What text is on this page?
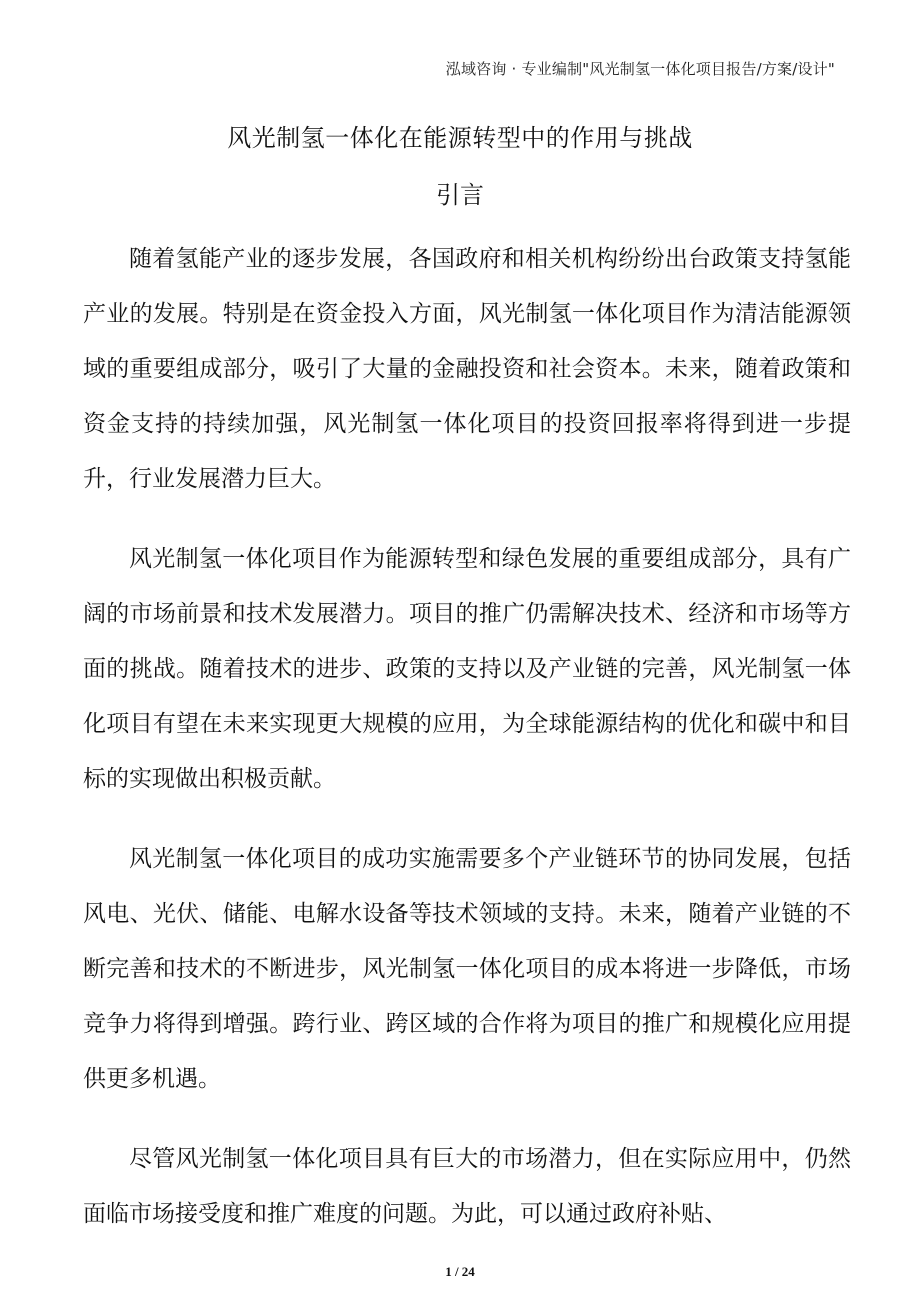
泓域咨询 · 专业编制"风光制氢一体化项目报告/方案/设计"
风光制氢一体化在能源转型中的作用与挑战
引言

随着氢能产业的逐步发展，各国政府和相关机构纷纷出台政策支持氢能产业的发展。特别是在资金投入方面，风光制氢一体化项目作为清洁能源领域的重要组成部分，吸引了大量的金融投资和社会资本。未来，随着政策和资金支持的持续加强，风光制氢一体化项目的投资回报率将得到进一步提升，行业发展潜力巨大。

风光制氢一体化项目作为能源转型和绿色发展的重要组成部分，具有广阔的市场前景和技术发展潜力。项目的推广仍需解决技术、经济和市场等方面的挑战。随着技术的进步、政策的支持以及产业链的完善，风光制氢一体化项目有望在未来实现更大规模的应用，为全球能源结构的优化和碳中和目标的实现做出积极贡献。

风光制氢一体化项目的成功实施需要多个产业链环节的协同发展，包括风电、光伏、储能、电解水设备等技术领域的支持。未来，随着产业链的不断完善和技术的不断进步，风光制氢一体化项目的成本将进一步降低，市场竞争力将得到增强。跨行业、跨区域的合作将为项目的推广和规模化应用提供更多机遇。

尽管风光制氢一体化项目具有巨大的市场潜力，但在实际应用中，仍然面临市场接受度和推广难度的问题。为此，可以通过政府补贴、

1 / 24
